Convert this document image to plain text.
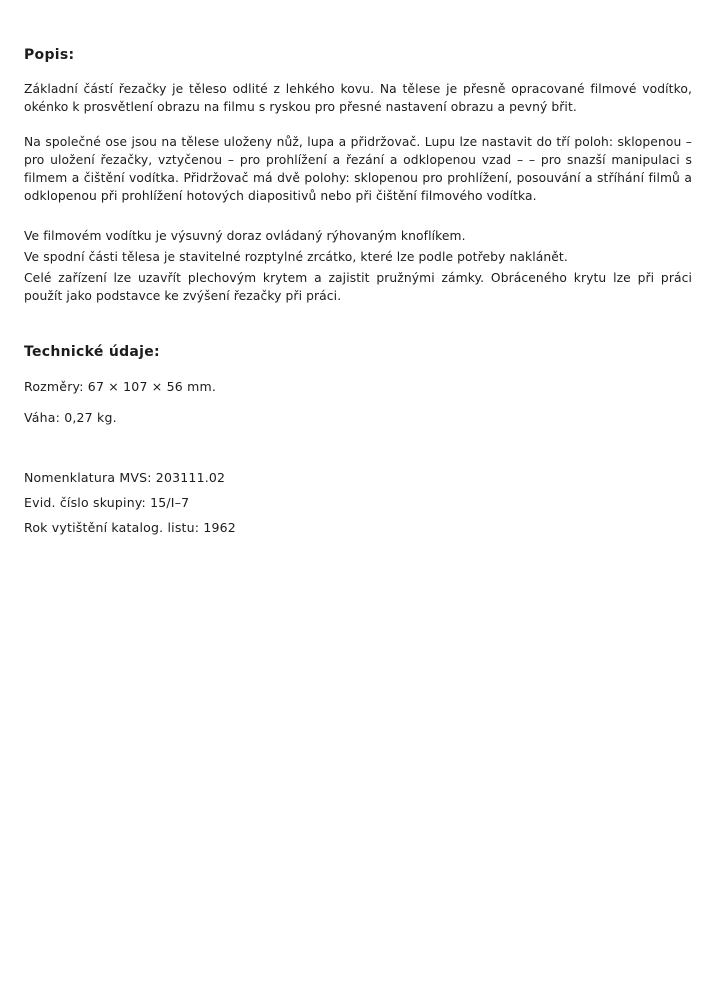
Popis:
Základní částí řezačky je těleso odlité z lehkého kovu. Na tělese je přesně opracované filmové vodítko, okénko k prosvětlení obrazu na filmu s ryskou pro přesné nastavení obrazu a pevný břit.
Na společné ose jsou na tělese uloženy nůž, lupa a přidržovač. Lupu lze nastavit do tří poloh: sklopenou – pro uložení řezačky, vztyčenou – pro prohlížení a řezání a odklopenou vzad – – pro snazší manipulaci s filmem a čištění vodítka. Přidržovač má dvě polohy: sklopenou pro prohlížení, posouvání a stříhání filmů a odklopenou při prohlížení hotových diapositivů nebo při čištění filmového vodítka.
Ve filmovém vodítku je výsuvný doraz ovládaný rýhovaným knoflíkem.
Ve spodní části tělesa je stavitelné rozptylné zrcátko, které lze podle potřeby naklánět.
Celé zařízení lze uzavřít plechovým krytem a zajistit pružnými zámky. Obráceného krytu lze při práci použít jako podstavce ke zvýšení řezačky při práci.
Technické údaje:
Rozměry: 67 × 107 × 56 mm.
Váha: 0,27 kg.
Nomenklatura MVS: 203111.02
Evid. číslo skupiny: 15/I–7
Rok vytištění katalog. listu: 1962
